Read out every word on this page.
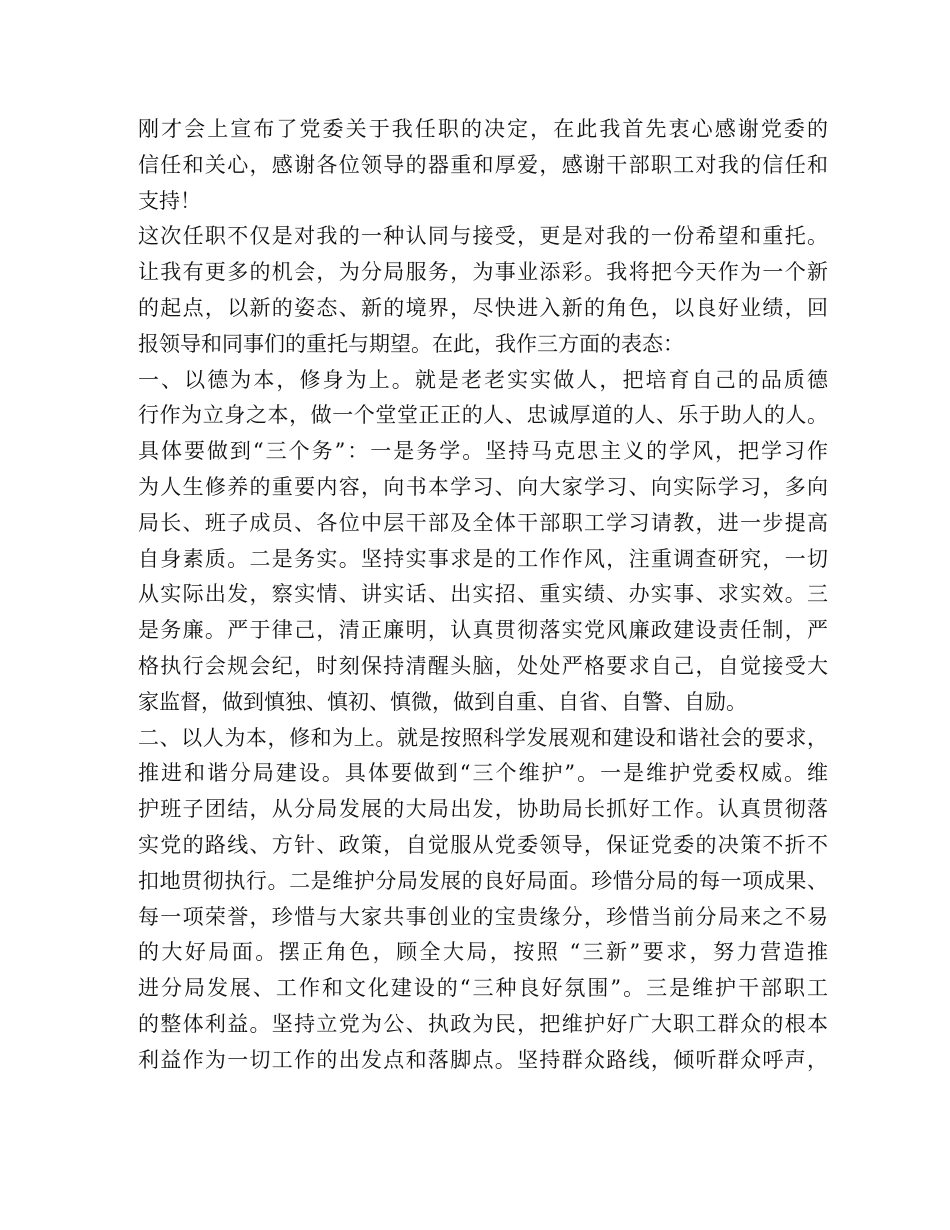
刚才会上宣布了党委关于我任职的决定，在此我首先衷心感谢党委的
信任和关心，感谢各位领导的器重和厚爱，感谢干部职工对我的信任和
支持！
这次任职不仅是对我的一种认同与接受，更是对我的一份希望和重托。
让我有更多的机会，为分局服务，为事业添彩。我将把今天作为一个新
的起点，以新的姿态、新的境界，尽快进入新的角色，以良好业绩，回
报领导和同事们的重托与期望。在此，我作三方面的表态：
一、以德为本，修身为上。就是老老实实做人，把培育自己的品质德
行作为立身之本，做一个堂堂正正的人、忠诚厚道的人、乐于助人的人。
具体要做到“三个务”：一是务学。坚持马克思主义的学风，把学习作
为人生修养的重要内容，向书本学习、向大家学习、向实际学习，多向
局长、班子成员、各位中层干部及全体干部职工学习请教，进一步提高
自身素质。二是务实。坚持实事求是的工作作风，注重调查研究，一切
从实际出发，察实情、讲实话、出实招、重实绩、办实事、求实效。三
是务廉。严于律己，清正廉明，认真贯彻落实党风廉政建设责任制，严
格执行会规会纪，时刻保持清醒头脑，处处严格要求自己，自觉接受大
家监督，做到慎独、慎初、慎微，做到自重、自省、自警、自励。
二、以人为本，修和为上。就是按照科学发展观和建设和谐社会的要求，
推进和谐分局建设。具体要做到“三个维护”。一是维护党委权威。维
护班子团结，从分局发展的大局出发，协助局长抓好工作。认真贯彻落
实党的路线、方针、政策，自觉服从党委领导，保证党委的决策不折不
扣地贯彻执行。二是维护分局发展的良好局面。珍惜分局的每一项成果、
每一项荣誉，珍惜与大家共事创业的宝贵缘分，珍惜当前分局来之不易
的大好局面。摆正角色，顾全大局，按照 “三新”要求，努力营造推
进分局发展、工作和文化建设的“三种良好氛围”。三是维护干部职工
的整体利益。坚持立党为公、执政为民，把维护好广大职工群众的根本
利益作为一切工作的出发点和落脚点。坚持群众路线，倾听群众呼声，
